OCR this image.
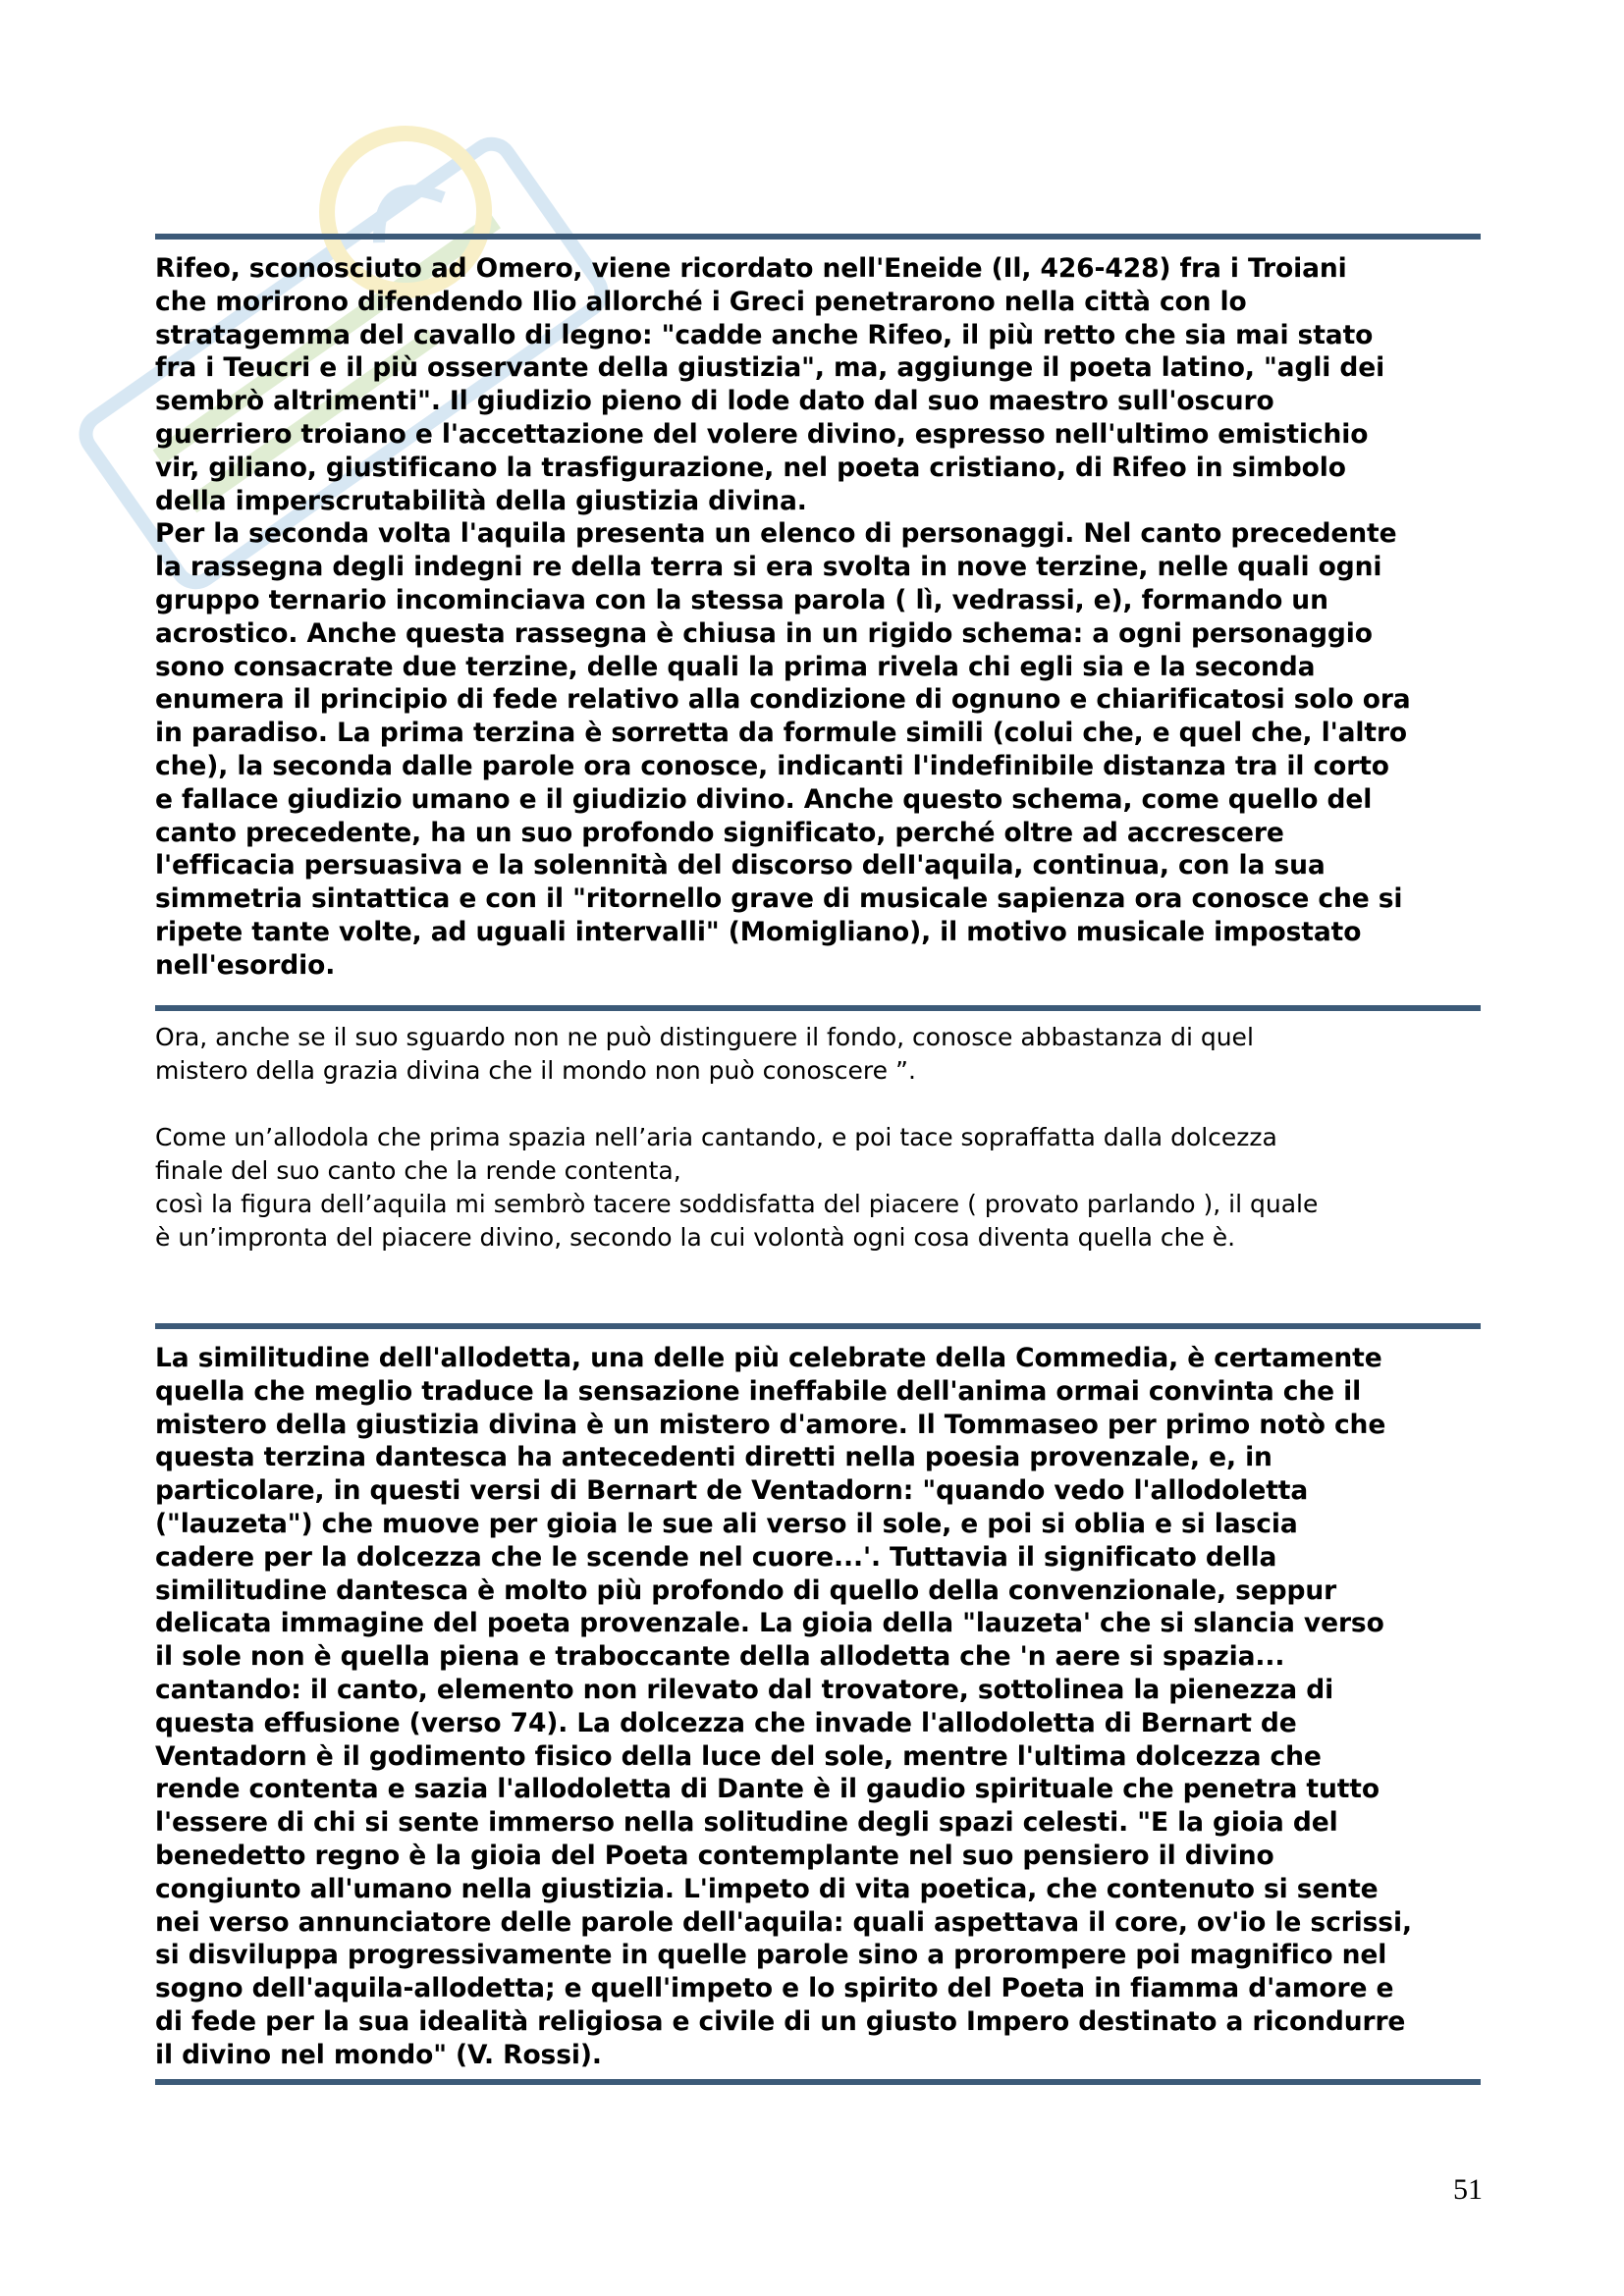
Rifeo, sconosciuto ad Omero, viene ricordato nell'Eneide (Il, 426-428) fra i Troiani
che morirono difendendo Ilio allorché i Greci penetrarono nella città con lo
stratagemma del cavallo di legno: "cadde anche Rifeo, il più retto che sia mai stato
fra i Teucri e il più osservante della giustizia", ma, aggiunge il poeta latino, "agli dei
sembrò altrimenti". Il giudizio pieno di lode dato dal suo maestro sull'oscuro
guerriero troiano e l'accettazione del volere divino, espresso nell'ultimo emistichio
vir, giliano, giustificano la trasfigurazione, nel poeta cristiano, di Rifeo in simbolo
della imperscrutabilità della giustizia divina.
Per la seconda volta l'aquila presenta un elenco di personaggi. Nel canto precedente
la rassegna degli indegni re della terra si era svolta in nove terzine, nelle quali ogni
gruppo ternario incominciava con la stessa parola ( lì, vedrassi, e), formando un
acrostico. Anche questa rassegna è chiusa in un rigido schema: a ogni personaggio
sono consacrate due terzine, delle quali la prima rivela chi egli sia e la seconda
enumera il principio di fede relativo alla condizione di ognuno e chiarificatosi solo ora
in paradiso. La prima terzina è sorretta da formule simili (colui che, e quel che, l'altro
che), la seconda dalle parole ora conosce, indicanti l'indefinibile distanza tra il corto
e fallace giudizio umano e il giudizio divino. Anche questo schema, come quello del
canto precedente, ha un suo profondo significato, perché oltre ad accrescere
l'efficacia persuasiva e la solennità del discorso delI'aquila, continua, con la sua
simmetria sintattica e con il "ritornello grave di musicale sapienza ora conosce che si
ripete tante volte, ad uguali intervalli" (Momigliano), il motivo musicale impostato
nell'esordio.
Ora, anche se il suo sguardo non ne può distinguere il fondo, conosce abbastanza di quel
mistero della grazia divina che il mondo non può conoscere ”.

Come un’allodola che prima spazia nell’aria cantando, e poi tace sopraffatta dalla dolcezza
finale del suo canto che la rende contenta,
così la figura dell’aquila mi sembrò tacere soddisfatta del piacere ( provato parlando ), il quale
è un’impronta del piacere divino, secondo la cui volontà ogni cosa diventa quella che è.
La similitudine dell'allodetta, una delle più celebrate della Commedia, è certamente
quella che meglio traduce la sensazione ineffabile dell'anima ormai convinta che il
mistero della giustizia divina è un mistero d'amore. Il Tommaseo per primo notò che
questa terzina dantesca ha antecedenti diretti nella poesia provenzale, e, in
particolare, in questi versi di Bernart de Ventadorn: "quando vedo l'allodoletta
("lauzeta") che muove per gioia le sue ali verso il sole, e poi si oblia e si lascia
cadere per la dolcezza che le scende nel cuore...'. Tuttavia il significato della
similitudine dantesca è molto più profondo di quello della convenzionale, seppur
delicata immagine del poeta provenzale. La gioia della "lauzeta' che si slancia verso
il sole non è quella piena e traboccante della allodetta che 'n aere si spazia...
cantando: il canto, elemento non rilevato dal trovatore, sottolinea la pienezza di
questa effusione (verso 74). La dolcezza che invade l'allodoletta di Bernart de
Ventadorn è il godimento fisico della luce del sole, mentre l'ultima dolcezza che
rende contenta e sazia l'allodoletta di Dante è il gaudio spirituale che penetra tutto
l'essere di chi si sente immerso nella solitudine degli spazi celesti. "E la gioia del
benedetto regno è la gioia del Poeta contemplante nel suo pensiero il divino
congiunto all'umano nella giustizia. L'impeto di vita poetica, che contenuto si sente
nei verso annunciatore delle parole dell'aquila: quali aspettava il core, ov'io le scrissi,
si disviluppa progressivamente in quelle parole sino a prorompere poi magnifico nel
sogno dell'aquila-allodetta; e quell'impeto e lo spirito del Poeta in fiamma d'amore e
di fede per la sua idealità religiosa e civile di un giusto Impero destinato a ricondurre
il divino nel mondo" (V. Rossi).
51
